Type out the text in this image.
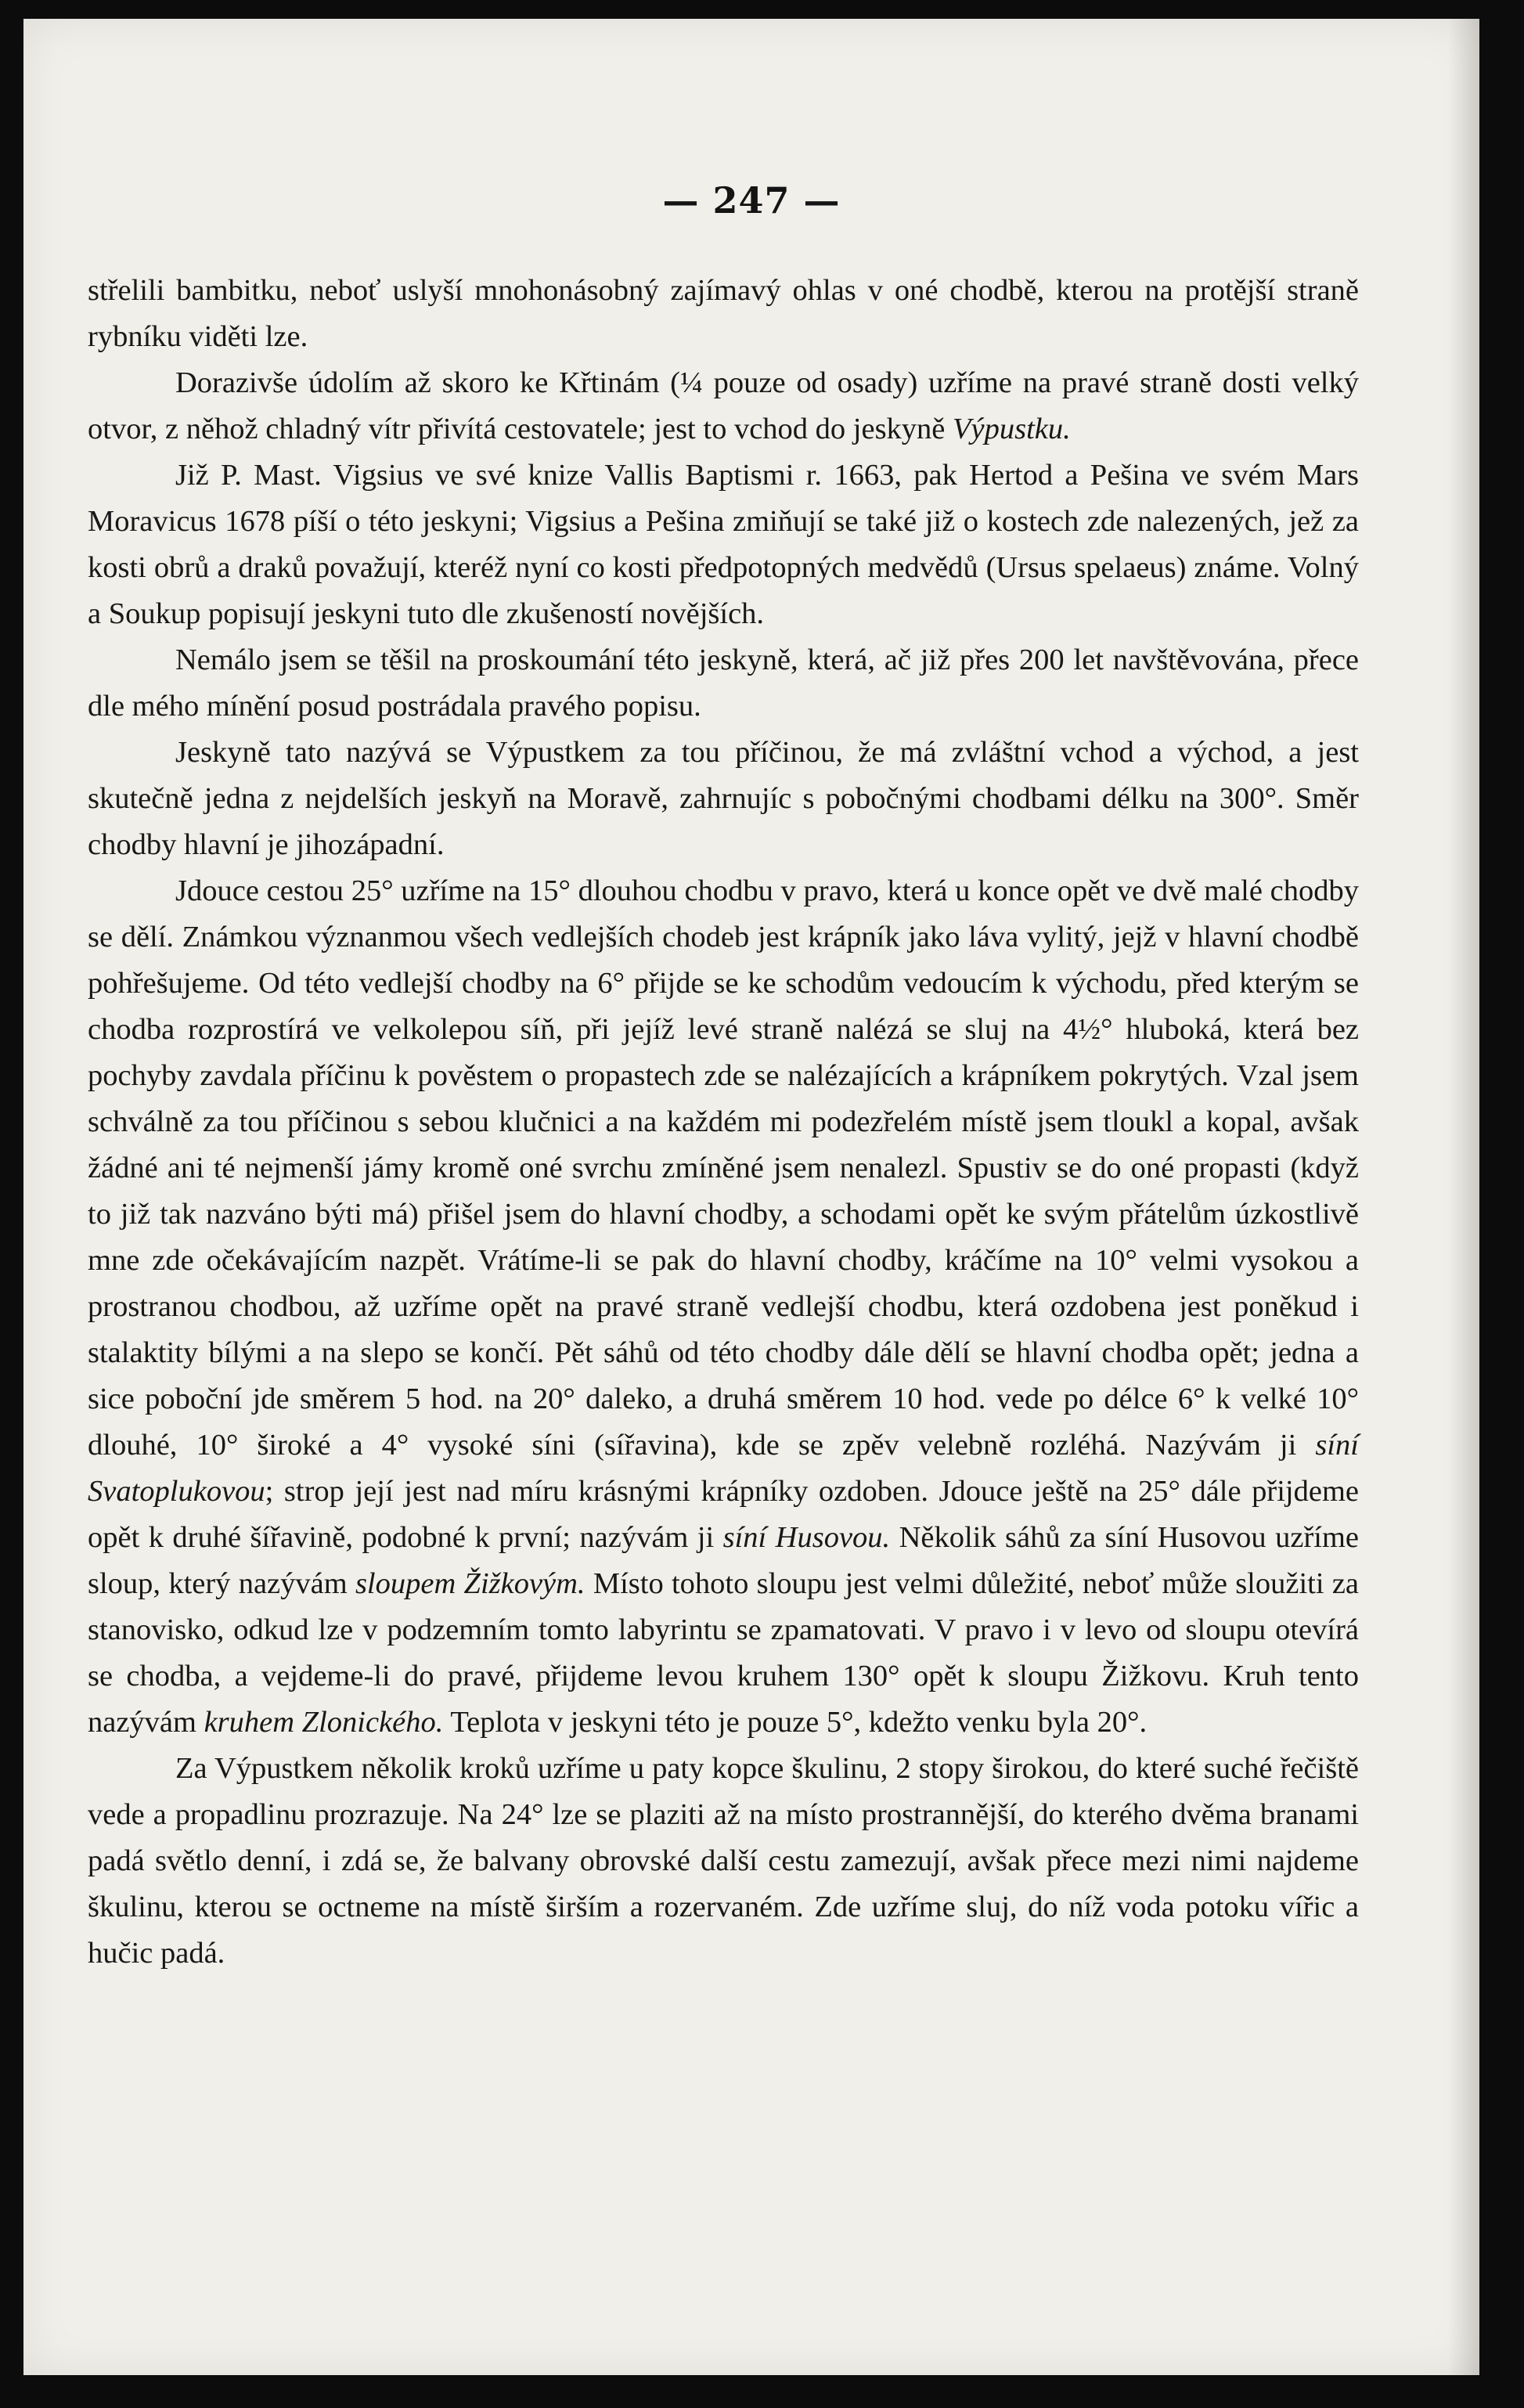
— 247 —

střelili bambitku, neboť uslyší mnohonásobný zajímavý ohlas v oné chodbě, kterou na protější straně rybníku viděti lze.

Dorazivše údolím až skoro ke Křtinám (¼ pouze od osady) uzříme na pravé straně dosti velký otvor, z něhož chladný vítr přivítá cestovatele; jest to vchod do jeskyně Výpustku.

Již P. Mast. Vigsius ve své knize Vallis Baptismi r. 1663, pak Hertod a Pešina ve svém Mars Moravicus 1678 píší o této jeskyni; Vigsius a Pešina zmiňují se také již o kostech zde nalezených, jež za kosti obrů a draků považují, kteréž nyní co kosti předpotopných medvědů (Ursus spelaeus) známe. Volný a Soukup popisují jeskyni tuto dle zkušeností novějších.

Nemálo jsem se těšil na proskoumání této jeskyně, která, ač již přes 200 let navštěvována, přece dle mého mínění posud postrádala pravého popisu.

Jeskyně tato nazývá se Výpustkem za tou příčinou, že má zvláštní vchod a východ, a jest skutečně jedna z nejdelších jeskyň na Moravě, zahrnujíc s pobočnými chodbami délku na 300°. Směr chodby hlavní je jihozápadní.

Jdouce cestou 25° uzříme na 15° dlouhou chodbu v pravo, která u konce opět ve dvě malé chodby se dělí. Známkou význanmou všech vedlejších chodeb jest krápník jako láva vylitý, jejž v hlavní chodbě pohřešujeme. Od této vedlejší chodby na 6° přijde se ke schodům vedoucím k východu, před kterým se chodba rozprostírá ve velkolepou síň, při jejíž levé straně nalézá se sluj na 4½° hluboká, která bez pochyby zavdala příčinu k pověstem o propastech zde se nalézajících a krápníkem pokrytých. Vzal jsem schválně za tou příčinou s sebou klučnici a na každém mi podezřelém místě jsem tloukl a kopal, avšak žádné ani té nejmenší jámy kromě oné svrchu zmíněné jsem nenalezl. Spustiv se do oné propasti (když to již tak nazváno býti má) přišel jsem do hlavní chodby, a schodami opět ke svým přátelům úzkostlivě mne zde očekávajícím nazpět. Vrátíme-li se pak do hlavní chodby, kráčíme na 10° velmi vysokou a prostranou chodbou, až uzříme opět na pravé straně vedlejší chodbu, která ozdobena jest poněkud i stalaktity bílými a na slepo se končí. Pět sáhů od této chodby dále dělí se hlavní chodba opět; jedna a sice poboční jde směrem 5 hod. na 20° daleko, a druhá směrem 10 hod. vede po délce 6° k velké 10° dlouhé, 10° široké a 4° vysoké síni (sířavina), kde se zpěv velebně rozléhá. Nazývám ji síní Svatoplukovou; strop její jest nad míru krásnými krápníky ozdoben. Jdouce ještě na 25° dále přijdeme opět k druhé šířavině, podobné k první; nazývám ji síní Husovou. Několik sáhů za síní Husovou uzříme sloup, který nazývám sloupem Žižkovým. Místo tohoto sloupu jest velmi důležité, neboť může sloužiti za stanovisko, odkud lze v podzemním tomto labyrintu se zpamatovati. V pravo i v levo od sloupu otevírá se chodba, a vejdeme-li do pravé, přijdeme levou kruhem 130° opět k sloupu Žižkovu. Kruh tento nazývám kruhem Zlonického. Teplota v jeskyni této je pouze 5°, kdežto venku byla 20°.

Za Výpustkem několik kroků uzříme u paty kopce škulinu, 2 stopy širokou, do které suché řečiště vede a propadlinu prozrazuje. Na 24° lze se plaziti až na místo prostrannější, do kterého dvěma branami padá světlo denní, i zdá se, že balvany obrovské další cestu zamezují, avšak přece mezi nimi najdeme škulinu, kterou se octneme na místě širším a rozervaném. Zde uzříme sluj, do níž voda potoku vířic a hučic padá.
